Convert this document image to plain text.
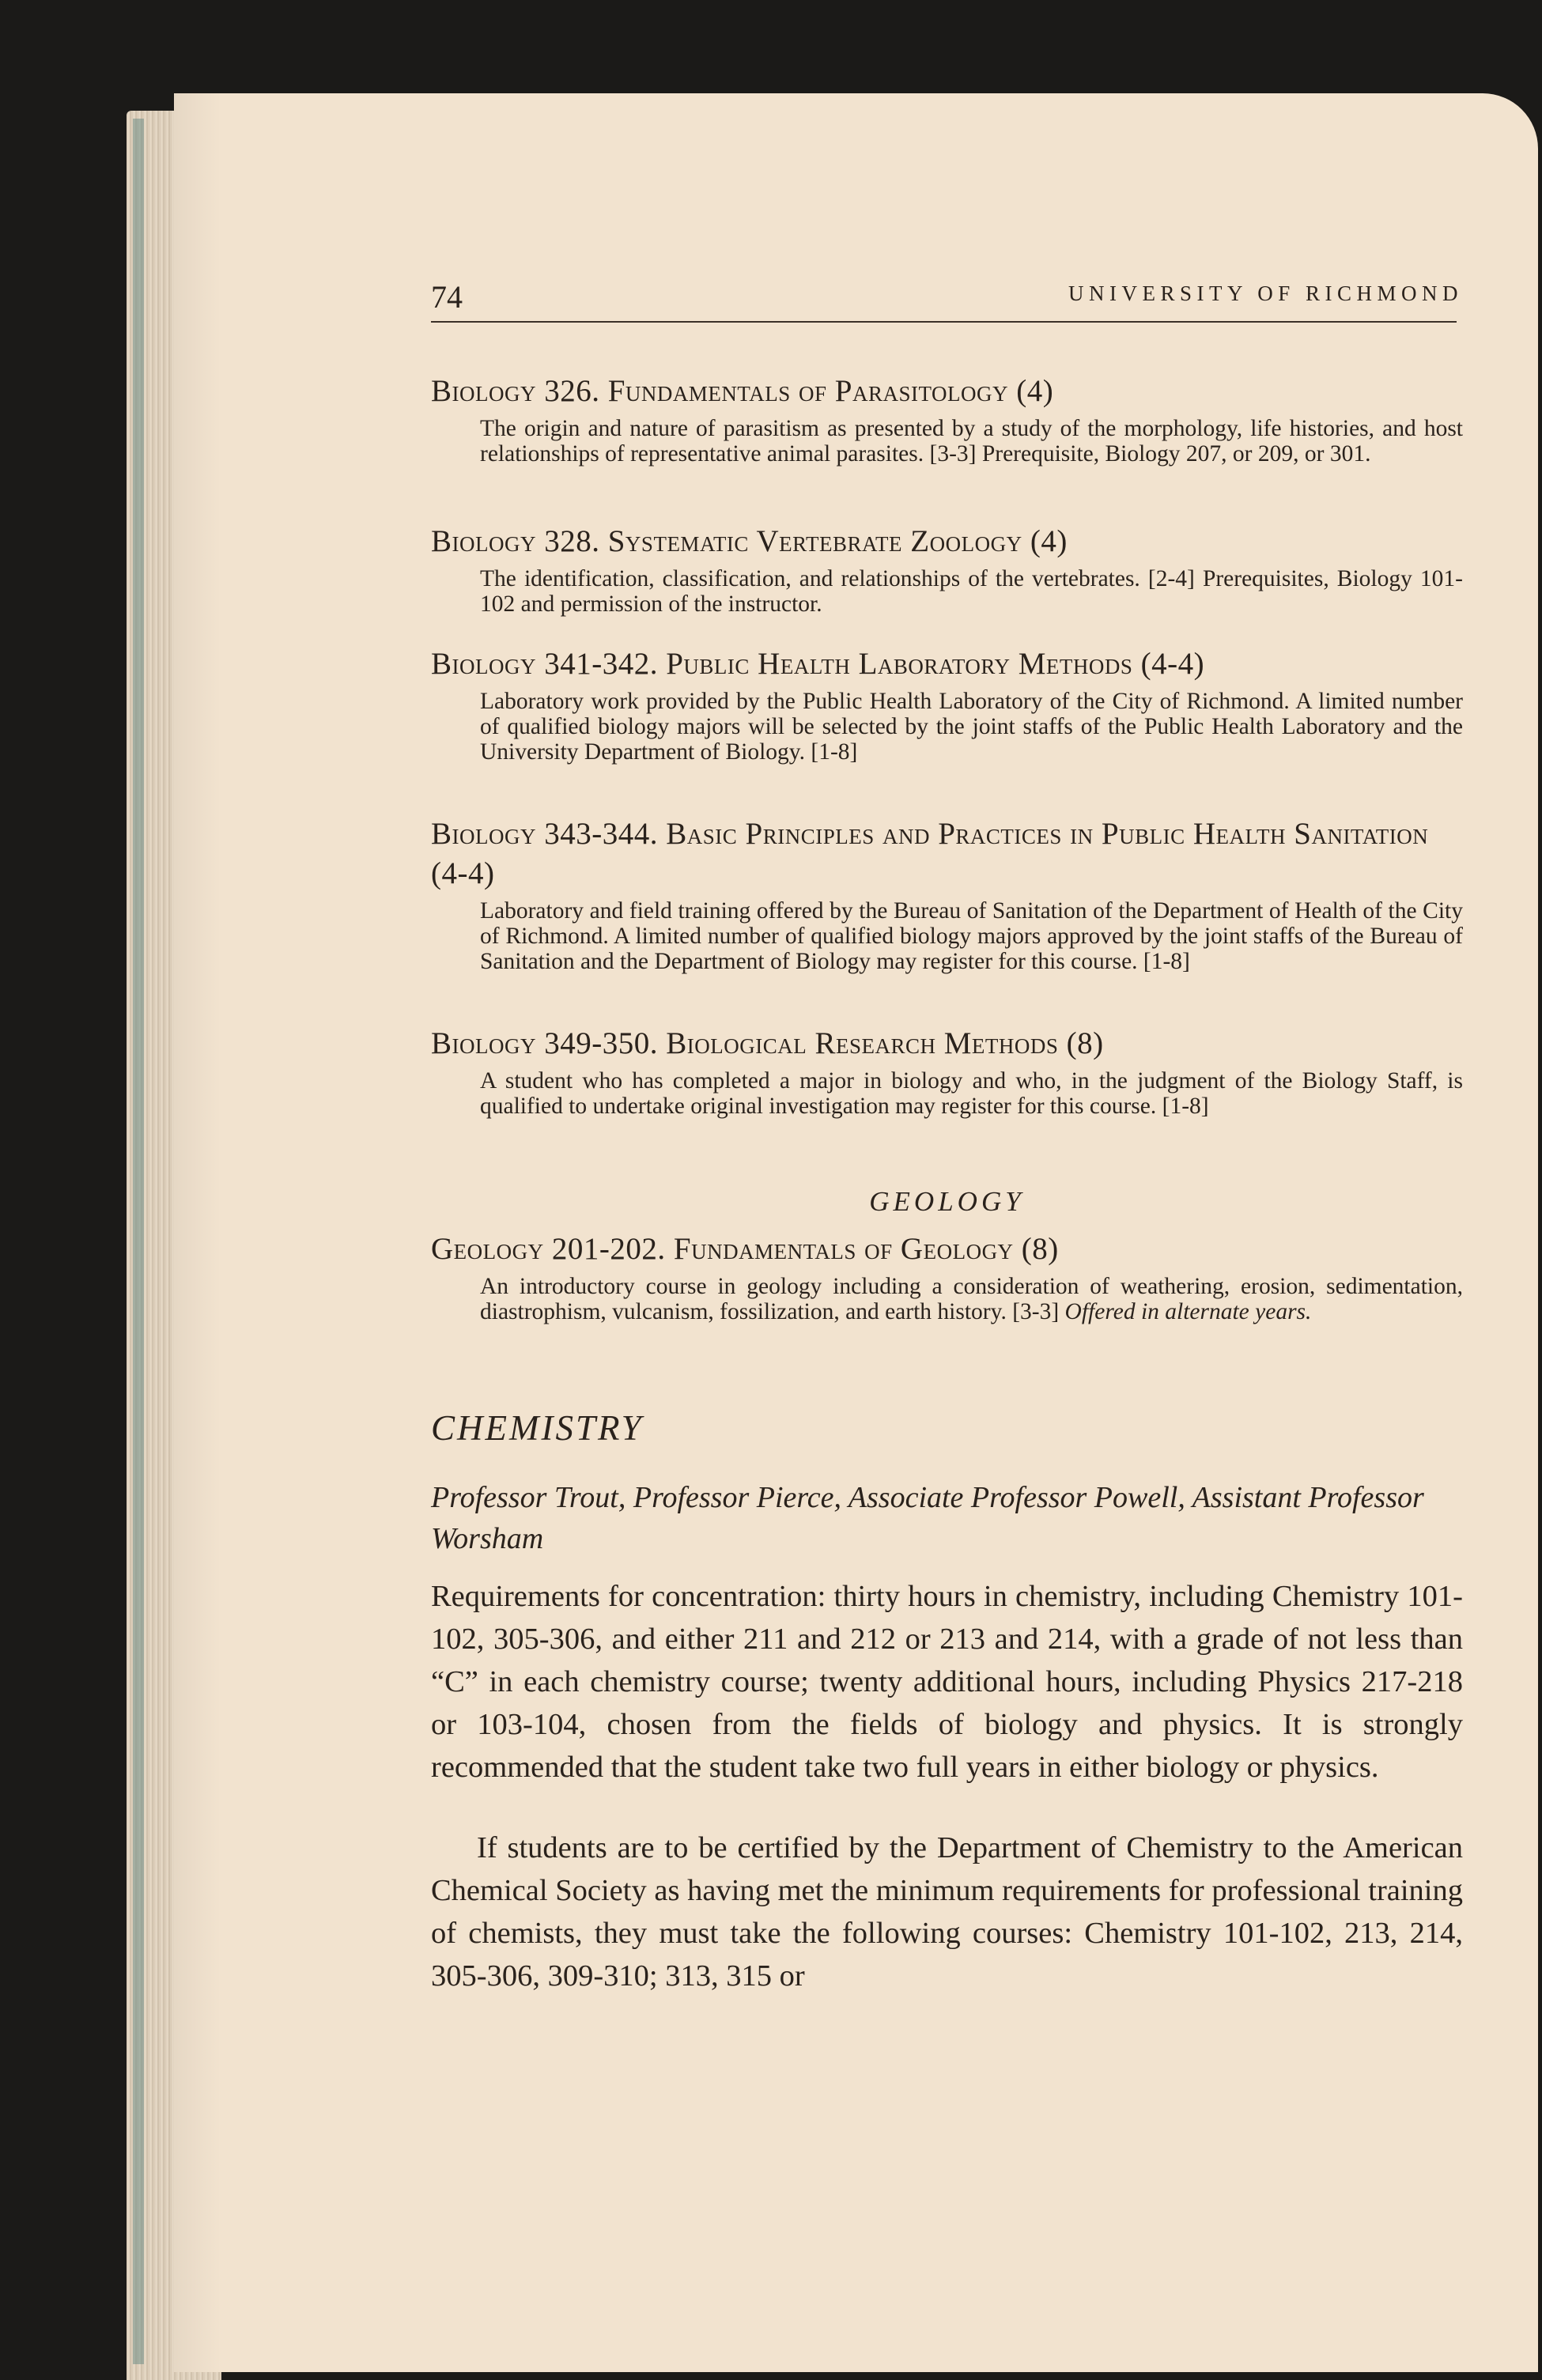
74	UNIVERSITY OF RICHMOND
Biology 326. Fundamentals of Parasitology (4)

The origin and nature of parasitism as presented by a study of the morphology, life histories, and host relationships of representative animal parasites. [3-3] Prerequisite, Biology 207, or 209, or 301.

Biology 328. Systematic Vertebrate Zoology (4)

The identification, classification, and relationships of the vertebrates. [2-4] Prerequisites, Biology 101-102 and permission of the instructor.

Biology 341-342. Public Health Laboratory Methods (4-4)

Laboratory work provided by the Public Health Laboratory of the City of Richmond. A limited number of qualified biology majors will be selected by the joint staffs of the Public Health Laboratory and the University Department of Biology. [1-8]

Biology 343-344. Basic Principles and Practices in Public Health Sanitation (4-4)

Laboratory and field training offered by the Bureau of Sanitation of the Department of Health of the City of Richmond. A limited number of qualified biology majors approved by the joint staffs of the Bureau of Sanitation and the Department of Biology may register for this course. [1-8]

Biology 349-350. Biological Research Methods (8)

A student who has completed a major in biology and who, in the judgment of the Biology Staff, is qualified to undertake original investigation may register for this course. [1-8]

GEOLOGY
Geology 201-202. Fundamentals of Geology (8)

An introductory course in geology including a consideration of weathering, erosion, sedimentation, diastrophism, vulcanism, fossilization, and earth history. [3-3] Offered in alternate years.

CHEMISTRY
Professor Trout, Professor Pierce, Associate Professor Powell, Assistant Professor Worsham

Requirements for concentration: thirty hours in chemistry, including Chemistry 101-102, 305-306, and either 211 and 212 or 213 and 214, with a grade of not less than “C” in each chemistry course; twenty additional hours, including Physics 217-218 or 103-104, chosen from the fields of biology and physics. It is strongly recommended that the student take two full years in either biology or physics.

If students are to be certified by the Department of Chemistry to the American Chemical Society as having met the minimum requirements for professional training of chemists, they must take the following courses: Chemistry 101-102, 213, 214, 305-306, 309-310; 313, 315 or
